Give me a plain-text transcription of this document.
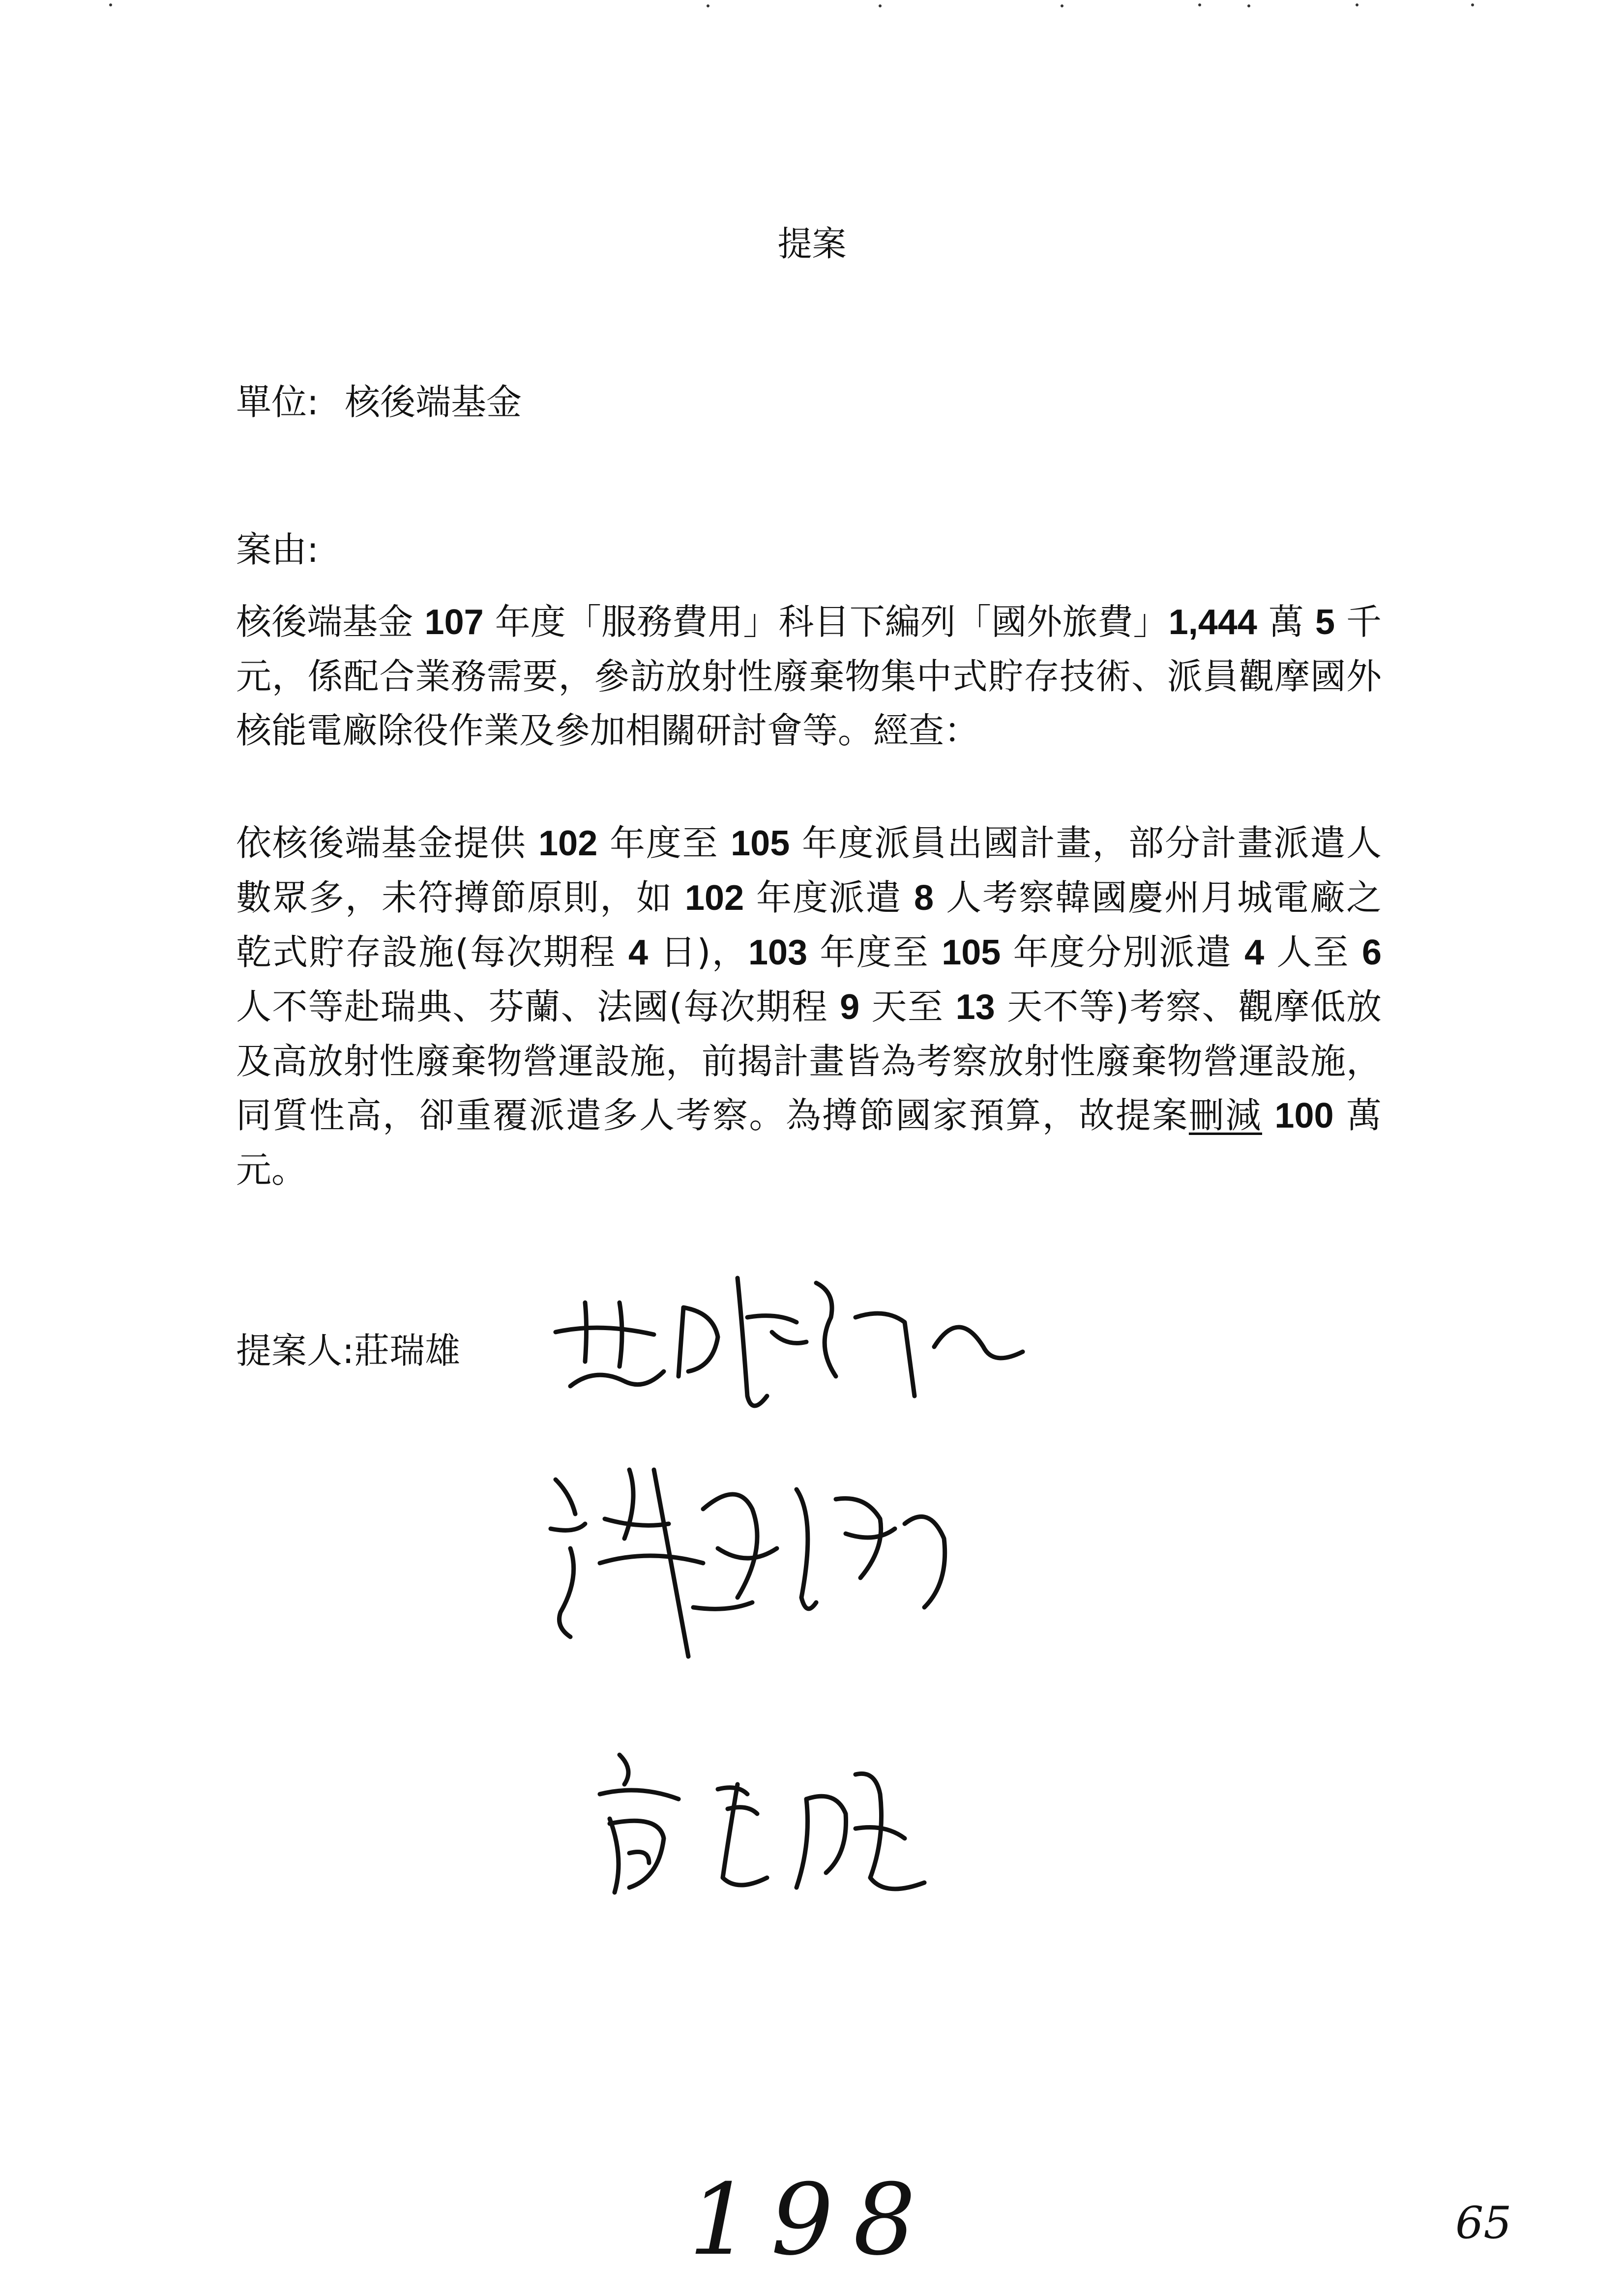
提案
單位: 核後端基金
案由:
核後端基金 107 年度「服務費用」科目下編列「國外旅費」1,444 萬 5 千元，係配合業務需要，參訪放射性廢棄物集中式貯存技術、派員觀摩國外核能電廠除役作業及參加相關研討會等。經查：
依核後端基金提供 102 年度至 105 年度派員出國計畫，部分計畫派遣人數眾多，未符撙節原則，如 102 年度派遣 8 人考察韓國慶州月城電廠之乾式貯存設施(每次期程 4 日)，103 年度至 105 年度分別派遣 4 人至 6 人不等赴瑞典、芬蘭、法國(每次期程 9 天至 13 天不等)考察、觀摩低放及高放射性廢棄物營運設施，前揭計畫皆為考察放射性廢棄物營運設施，同質性高，卻重覆派遣多人考察。為撙節國家預算，故提案刪減 100 萬元。
提案人:莊瑞雄
198	65
